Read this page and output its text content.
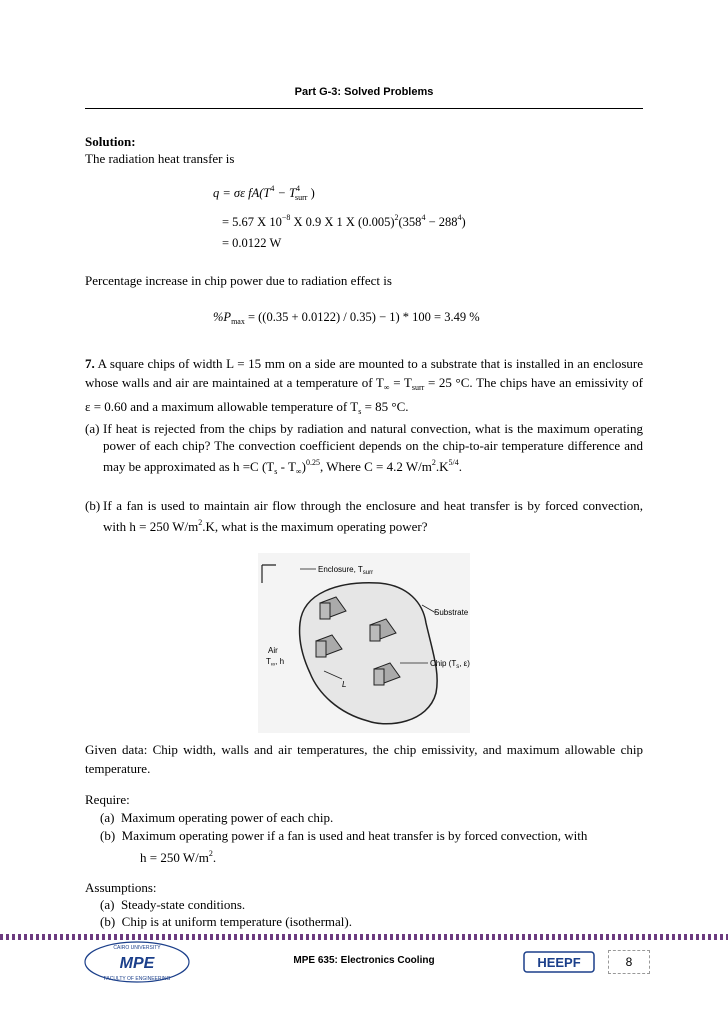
Part G-3: Solved Problems
Solution:
The radiation heat transfer is
q = σε $fA(T^4 - T^4_{surr}$ )
= 5.67 X $10^{-8}$ X 0.9 X 1 X $(0.005)^2(358^4 - 288^4)$
= 0.0122 W
Percentage increase in chip power due to radiation effect is
$\%P_{max} = ((0.35 + 0.0122) / 0.35) - 1) * 100 = 3.49$ %
7. A square chips of width L = 15 mm on a side are mounted to a substrate that is installed in an enclosure whose walls and air are maintained at a temperature of $T_\infty = T_{surr} = 25$ °C. The chips have an emissivity of ε = 0.60 and a maximum allowable temperature of $T_s = 85$ °C.
(a) If heat is rejected from the chips by radiation and natural convection, what is the maximum operating power of each chip? The convection coefficient depends on the chip-to-air temperature difference and may be approximated as h =C $(T_s - T_\infty)^{0.25}$, Where C = 4.2 $W/m^2.K^{5/4}$.
(b) If a fan is used to maintain air flow through the enclosure and heat transfer is by forced convection, with h = 250 $W/m^2.K$, what is the maximum operating power?
Enclosure, $T_{surr}$
Substrate
Air
$T_\infty$, h	Chip ($T_s$, ε)
L
Given data: Chip width, walls and air temperatures, the chip emissivity, and maximum allowable chip temperature.
Require:
(a) Maximum operating power of each chip.
(b) Maximum operating power if a fan is used and heat transfer is by forced convection, with
h = 250 $W/m^2$.
Assumptions:
(a) Steady-state conditions.
(b) Chip is at uniform temperature (isothermal).
CAIRO UNIVERSITY
MPE
FACULTY OF ENGINEERING
MPE 635: Electronics Cooling	HEEPF	8
